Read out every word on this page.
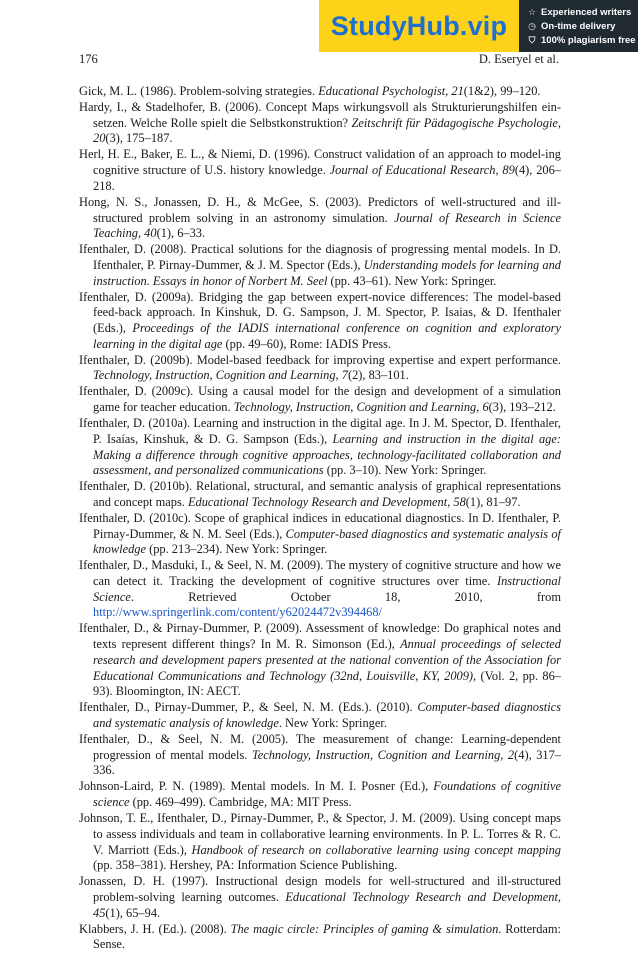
StudyHub.vip	☆ Experienced writers
◷ On-time delivery
⛉ 100% plagiarism free
176	D. Eseryel et al.

Gick, M. L. (1986). Problem-solving strategies. Educational Psychologist, 21(1&2), 99–120.

Hardy, I., & Stadelhofer, B. (2006). Concept Maps wirkungsvoll als Strukturierungshilfen ein-setzen. Welche Rolle spielt die Selbstkonstruktion? Zeitschrift für Pädagogische Psychologie, 20(3), 175–187.

Herl, H. E., Baker, E. L., & Niemi, D. (1996). Construct validation of an approach to model-ing cognitive structure of U.S. history knowledge. Journal of Educational Research, 89(4), 206–218.

Hong, N. S., Jonassen, D. H., & McGee, S. (2003). Predictors of well-structured and ill-structured problem solving in an astronomy simulation. Journal of Research in Science Teaching, 40(1), 6–33.

Ifenthaler, D. (2008). Practical solutions for the diagnosis of progressing mental models. In D. Ifenthaler, P. Pirnay-Dummer, & J. M. Spector (Eds.), Understanding models for learning and instruction. Essays in honor of Norbert M. Seel (pp. 43–61). New York: Springer.

Ifenthaler, D. (2009a). Bridging the gap between expert-novice differences: The model-based feed-back approach. In Kinshuk, D. G. Sampson, J. M. Spector, P. Isaias, & D. Ifenthaler (Eds.), Proceedings of the IADIS international conference on cognition and exploratory learning in the digital age (pp. 49–60), Rome: IADIS Press.

Ifenthaler, D. (2009b). Model-based feedback for improving expertise and expert performance. Technology, Instruction, Cognition and Learning, 7(2), 83–101.

Ifenthaler, D. (2009c). Using a causal model for the design and development of a simulation game for teacher education. Technology, Instruction, Cognition and Learning, 6(3), 193–212.

Ifenthaler, D. (2010a). Learning and instruction in the digital age. In J. M. Spector, D. Ifenthaler, P. Isaías, Kinshuk, & D. G. Sampson (Eds.), Learning and instruction in the digital age: Making a difference through cognitive approaches, technology-facilitated collaboration and assessment, and personalized communications (pp. 3–10). New York: Springer.

Ifenthaler, D. (2010b). Relational, structural, and semantic analysis of graphical representations and concept maps. Educational Technology Research and Development, 58(1), 81–97.

Ifenthaler, D. (2010c). Scope of graphical indices in educational diagnostics. In D. Ifenthaler, P. Pirnay-Dummer, & N. M. Seel (Eds.), Computer-based diagnostics and systematic analysis of knowledge (pp. 213–234). New York: Springer.

Ifenthaler, D., Masduki, I., & Seel, N. M. (2009). The mystery of cognitive structure and how we can detect it. Tracking the development of cognitive structures over time. Instructional Science. Retrieved October 18, 2010, from http://www.springerlink.com/content/y62024472v394468/

Ifenthaler, D., & Pirnay-Dummer, P. (2009). Assessment of knowledge: Do graphical notes and texts represent different things? In M. R. Simonson (Ed.), Annual proceedings of selected research and development papers presented at the national convention of the Association for Educational Communications and Technology (32nd, Louisville, KY, 2009), (Vol. 2, pp. 86–93). Bloomington, IN: AECT.

Ifenthaler, D., Pirnay-Dummer, P., & Seel, N. M. (Eds.). (2010). Computer-based diagnostics and systematic analysis of knowledge. New York: Springer.

Ifenthaler, D., & Seel, N. M. (2005). The measurement of change: Learning-dependent progression of mental models. Technology, Instruction, Cognition and Learning, 2(4), 317–336.

Johnson-Laird, P. N. (1989). Mental models. In M. I. Posner (Ed.), Foundations of cognitive science (pp. 469–499). Cambridge, MA: MIT Press.

Johnson, T. E., Ifenthaler, D., Pirnay-Dummer, P., & Spector, J. M. (2009). Using concept maps to assess individuals and team in collaborative learning environments. In P. L. Torres & R. C. V. Marriott (Eds.), Handbook of research on collaborative learning using concept mapping (pp. 358–381). Hershey, PA: Information Science Publishing.

Jonassen, D. H. (1997). Instructional design models for well-structured and ill-structured problem-solving learning outcomes. Educational Technology Research and Development, 45(1), 65–94.

Klabbers, J. H. (Ed.). (2008). The magic circle: Principles of gaming & simulation. Rotterdam: Sense.
